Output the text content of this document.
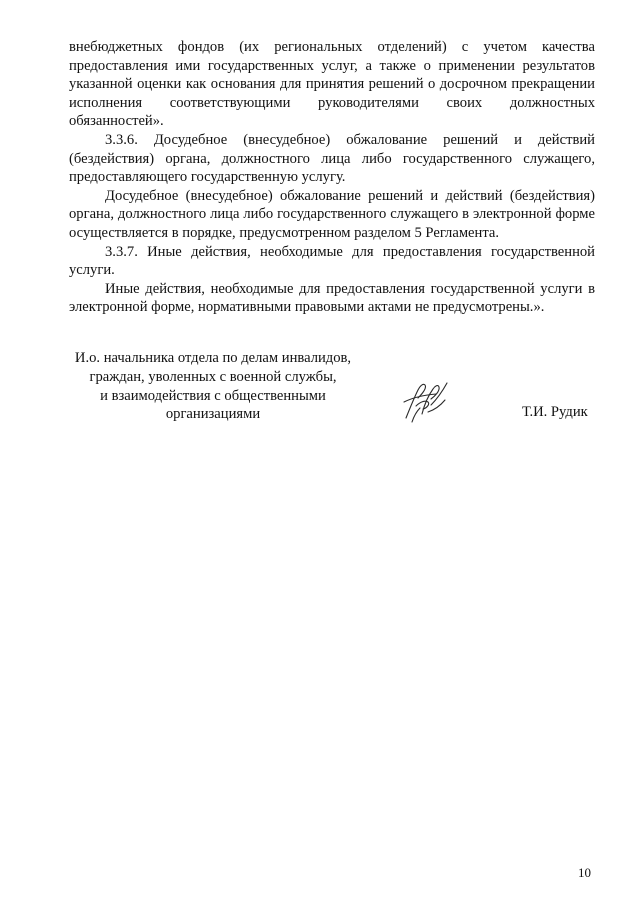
внебюджетных фондов (их региональных отделений) с учетом качества предоставления ими государственных услуг, а также о применении результатов указанной оценки как основания для принятия решений о досрочном прекращении исполнения соответствующими руководителями своих должностных обязанностей».

3.3.6. Досудебное (внесудебное) обжалование решений и действий (бездействия) органа, должностного лица либо государственного служащего, предоставляющего государственную услугу.

Досудебное (внесудебное) обжалование решений и действий (бездействия) органа, должностного лица либо государственного служащего в электронной форме осуществляется в порядке, предусмотренном разделом 5 Регламента.

3.3.7. Иные действия, необходимые для предоставления государственной услуги.

Иные действия, необходимые для предоставления государственной услуги в электронной форме, нормативными правовыми актами не предусмотрены.».

И.о. начальника отдела по делам инвалидов,
граждан, уволенных с военной службы,
и взаимодействия с общественными
организациями	Т.И. Рудик
10
